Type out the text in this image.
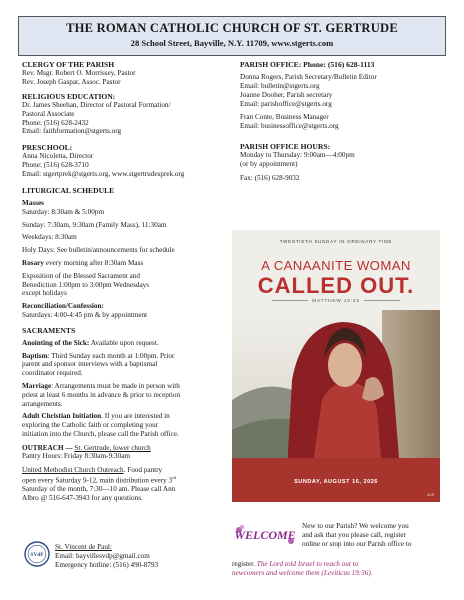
THE ROMAN CATHOLIC CHURCH OF ST. GERTRUDE
28 School Street, Bayville, N.Y. 11709, www.stgerts.com
CLERGY OF THE PARISH
Rev. Msgr. Robert O. Morrissey, Pastor
Rev. Joseph Gaspar, Assoc. Pastor
RELIGIOUS EDUCATION:
Dr. James Sheehan, Director of Pastoral Formation/
Pastoral Associate
Phone: (516) 628-2432
Email: faithformation@stgerts.org
PRESCHOOL:
Anna Nicoletta, Director
Phone: (516) 628-3710
Email: stgertprek@stgerts.org, www.stgertrudesprek.org
LITURGICAL SCHEDULE
Masses
Saturday: 8:30am & 5:00pm
Sunday: 7:30am, 9:30am (Family Mass), 11:30am
Weekdays: 8:30am
Holy Days: See bulletin/announcements for schedule
Rosary every morning after 8:30am Mass
Exposition of the Blessed Sacrament and
Benediction 1:00pm to 3:00pm Wednesdays
except holidays
Reconciliation/Confession:
Saturdays: 4:00-4:45 pm & by appointment
SACRAMENTS
Anointing of the Sick: Available upon request.
Baptism: Third Sunday each month at 1:00pm. Prior
parent and sponsor interviews with a baptismal
coordinator required.
Marriage: Arrangements must be made in person with
priest at least 6 months in advance & prior to reception
arrangements.
Adult Christian Initiation. If you are interested in
exploring the Catholic faith or completing your
initiation into the Church, please call the Parish office.
OUTREACH — St. Gertrude, lower church
Pantry Hours: Friday 8:30am-9:30am
United Methodist Church Outreach. Food pantry
open every Saturday 9-12, main distribution every 3rd
Saturday of the month, 7:30—10 am. Please call Ann
Albro @ 516-647-3943 for any questions.
SVdP
St. Vincent de Paul:
Email: bayvillesvdp@gmail.com
Emergency hotline: (516) 490-8793
PARISH OFFICE: Phone: (516) 628-1113
Donna Rogers, Parish Secretary/Bulletin Editor
Email: bulletin@stgerts.org
Joanne Dooher, Parish secretary
Email: parishoffice@stgerts.org
Fran Conte, Business Manager
Email: businessoffice@stgerts.org
PARISH OFFICE HOURS:
Monday to Thursday: 9:00am—4:00pm
(or by appointment)
Fax: (516) 628-9032
TWENTIETH SUNDAY IN ORDINARY TIME
A CANAANITE WOMAN
CALLED OUT.
MATTHEW 15:22
SUNDAY, AUGUST 16, 2026
OUR
WELCOME
New to our Parish? We welcome you
and ask that you please call, register
online or stop into our Parish office to
register. The Lord told Israel to reach out to
newcomers and welcome them (Leviticus 19:36).
